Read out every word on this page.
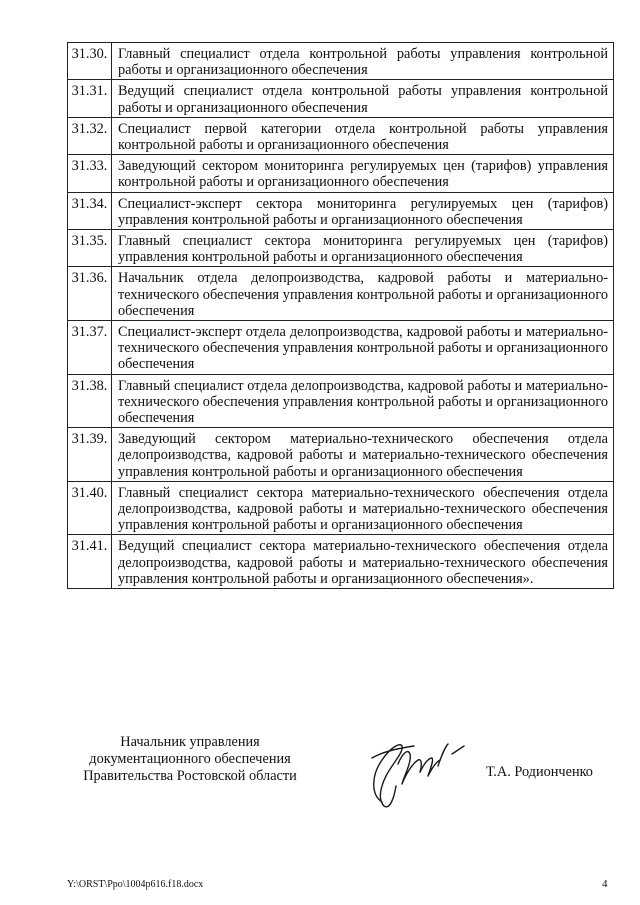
31.30.	Главный специалист отдела контрольной работы управления контрольной работы и организационного обеспечения
31.31.	Ведущий специалист отдела контрольной работы управления контрольной работы и организационного обеспечения
31.32.	Специалист первой категории отдела контрольной работы управления контрольной работы и организационного обеспечения
31.33.	Заведующий сектором мониторинга регулируемых цен (тарифов) управления контрольной работы и организационного обеспечения
31.34.	Специалист-эксперт сектора мониторинга регулируемых цен (тарифов) управления контрольной работы и организационного обеспечения
31.35.	Главный специалист сектора мониторинга регулируемых цен (тарифов) управления контрольной работы и организационного обеспечения
31.36.	Начальник отдела делопроизводства, кадровой работы и материально-технического обеспечения управления контрольной работы и организационного обеспечения
31.37.	Специалист-эксперт отдела делопроизводства, кадровой работы и материально-технического обеспечения управления контрольной работы и организационного обеспечения
31.38.	Главный специалист отдела делопроизводства, кадровой работы и материально-технического обеспечения управления контрольной работы и организационного обеспечения
31.39.	Заведующий сектором материально-технического обеспечения отдела делопроизводства, кадровой работы и материально-технического обеспечения управления контрольной работы и организационного обеспечения
31.40.	Главный специалист сектора материально-технического обеспечения отдела делопроизводства, кадровой работы и материально-технического обеспечения управления контрольной работы и организационного обеспечения
31.41.	Ведущий специалист сектора материально-технического обеспечения отдела делопроизводства, кадровой работы и материально-технического обеспечения управления контрольной работы и организационного обеспечения».
Начальник управления
документационного обеспечения
Правительства Ростовской области	Т.А. Родионченко
Y:\ORST\Ppo\1004p616.f18.docx	4
